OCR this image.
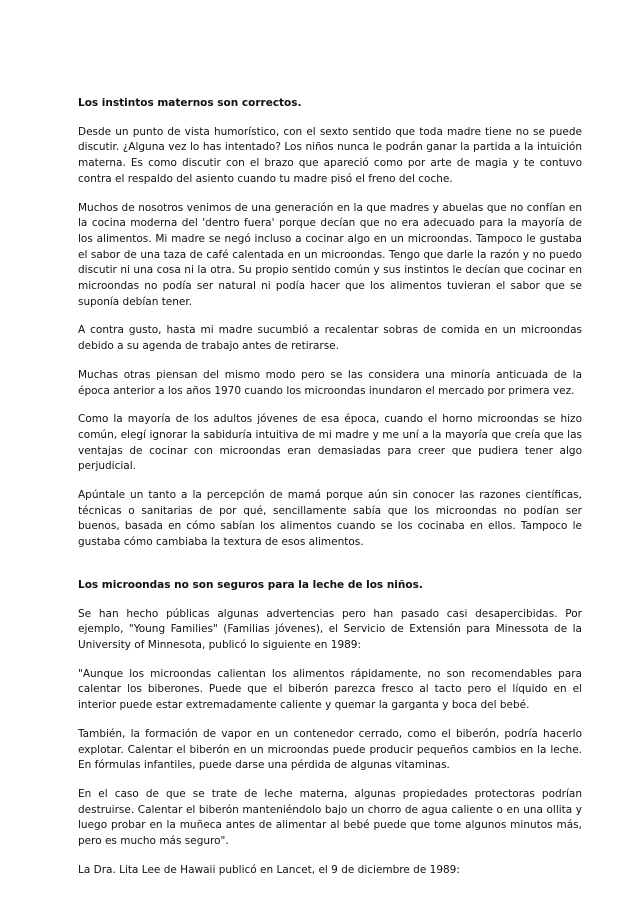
Los instintos maternos son correctos.

Desde un punto de vista humorístico, con el sexto sentido que toda madre tiene no se puede discutir. ¿Alguna vez lo has intentado? Los niños nunca le podrán ganar la partida a la intuición materna. Es como discutir con el brazo que apareció como por arte de magia y te contuvo contra el respaldo del asiento cuando tu madre pisó el freno del coche.

Muchos de nosotros venimos de una generación en la que madres y abuelas que no confían en la cocina moderna del 'dentro fuera' porque decían que no era adecuado para la mayoría de los alimentos. Mi madre se negó incluso a cocinar algo en un microondas. Tampoco le gustaba el sabor de una taza de café calentada en un microondas. Tengo que darle la razón y no puedo discutir ni una cosa ni la otra. Su propio sentido común y sus instintos le decían que cocinar en microondas no podía ser natural ni podía hacer que los alimentos tuvieran el sabor que se suponía debían tener.

A contra gusto, hasta mi madre sucumbió a recalentar sobras de comida en un microondas debido a su agenda de trabajo antes de retirarse.

Muchas otras piensan del mismo modo pero se las considera una minoría anticuada de la época anterior a los años 1970 cuando los microondas inundaron el mercado por primera vez.

Como la mayoría de los adultos jóvenes de esa época, cuando el horno microondas se hizo común, elegí ignorar la sabiduría intuitiva de mi madre y me uní a la mayoría que creía que las ventajas de cocinar con microondas eran demasiadas para creer que pudiera tener algo perjudicial.

Apúntale un tanto a la percepción de mamá porque aún sin conocer las razones científicas, técnicas o sanitarias de por qué, sencillamente sabía que los microondas no podían ser buenos, basada en cómo sabían los alimentos cuando se los cocinaba en ellos. Tampoco le gustaba cómo cambiaba la textura de esos alimentos.

Los microondas no son seguros para la leche de los niños.

Se han hecho públicas algunas advertencias pero han pasado casi desapercibidas. Por ejemplo, "Young Families" (Familias jóvenes), el Servicio de Extensión para Minessota de la University of Minnesota, publicó lo siguiente en 1989:

"Aunque los microondas calientan los alimentos rápidamente, no son recomendables para calentar los biberones. Puede que el biberón parezca fresco al tacto pero el líquido en el interior puede estar extremadamente caliente y quemar la garganta y boca del bebé.

También, la formación de vapor en un contenedor cerrado, como el biberón, podría hacerlo explotar. Calentar el biberón en un microondas puede producir pequeños cambios en la leche. En fórmulas infantiles, puede darse una pérdida de algunas vitaminas.

En el caso de que se trate de leche materna, algunas propiedades protectoras podrían destruirse. Calentar el biberón manteniéndolo bajo un chorro de agua caliente o en una ollita y luego probar en la muñeca antes de alimentar al bebé puede que tome algunos minutos más, pero es mucho más seguro".

La Dra. Lita Lee de Hawaii publicó en Lancet, el 9 de diciembre de 1989:
